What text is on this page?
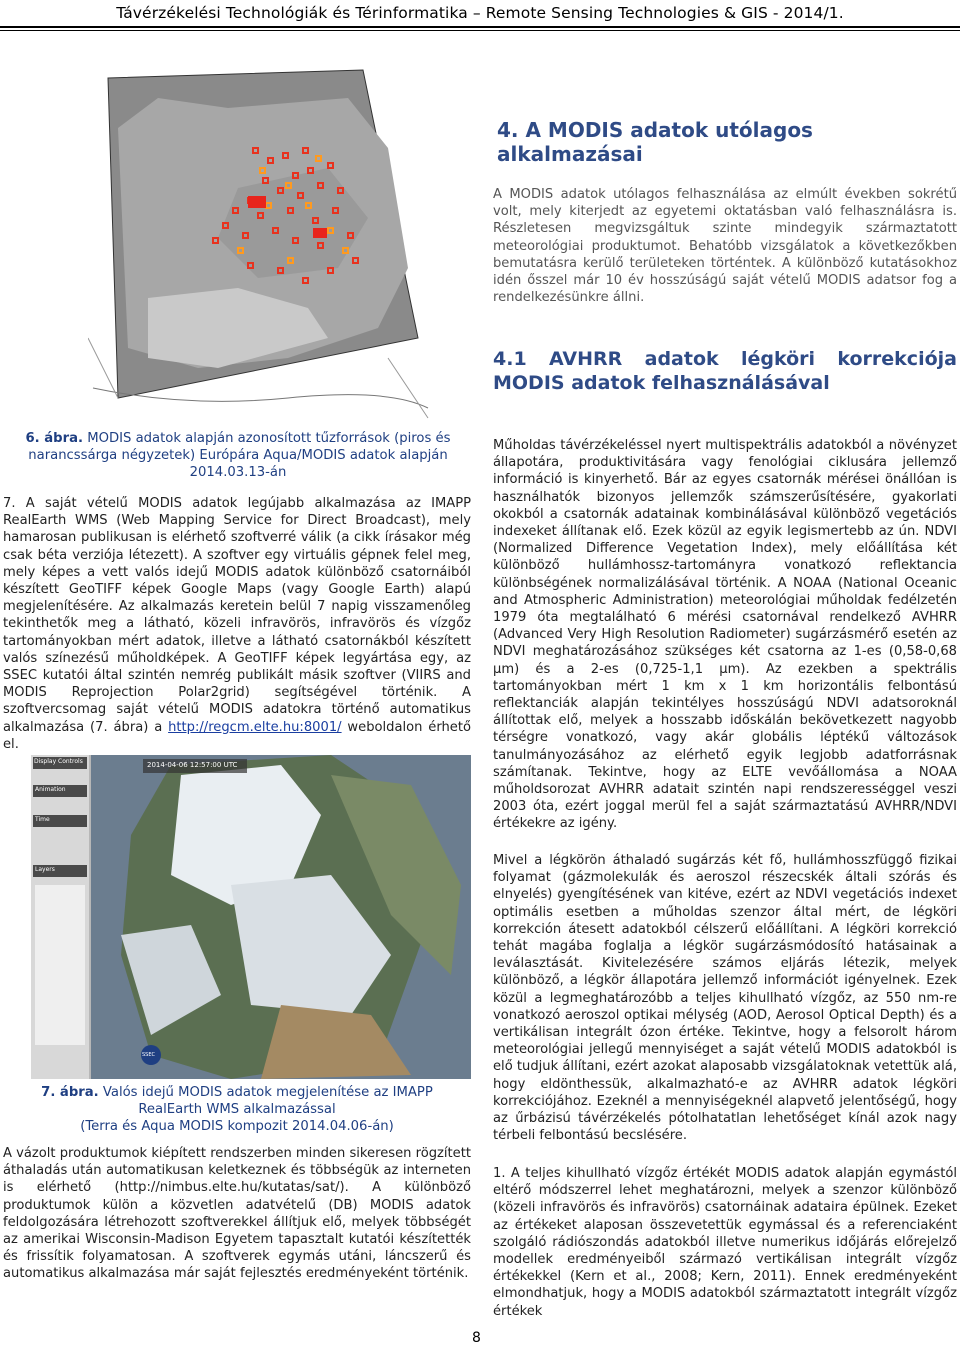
Távérzékelési Technológiák és Térinformatika – Remote Sensing Technologies & GIS - 2014/1.
4. A MODIS adatok utólagos alkalmazásai
A MODIS adatok utólagos felhasználása az elmúlt években sokrétű volt, mely kiterjedt az egyetemi oktatásban való felhasználásra is. Részletesen megvizsgáltuk szinte mindegyik származtatott meteorológiai produktumot. Behatóbb vizsgálatok a következőkben bemutatásra kerülő területeken történtek. A különböző kutatásokhoz idén ősszel már 10 év hosszúságú saját vételű MODIS adatsor fog a rendelkezésünkre állni.
4.1 AVHRR adatok légköri korrekciója
MODIS adatok felhasználásával
6. ábra. MODIS adatok alapján azonosított tűzforrások (piros és narancssárga négyzetek) Európára Aqua/MODIS adatok alapján 2014.03.13-án
7. A saját vételű MODIS adatok legújabb alkalmazása az IMAPP RealEarth WMS (Web Mapping Service for Direct Broadcast), mely hamarosan publikusan is elérhető szoftverré válik (a cikk írásakor még csak béta verziója létezett). A szoftver egy virtuális gépnek felel meg, mely képes a vett valós idejű MODIS adatok különböző csatornáiból készített GeoTIFF képek Google Maps (vagy Google Earth) alapú megjelenítésére. Az alkalmazás keretein belül 7 napig visszamenőleg tekinthetők meg a látható, közeli infravörös, infravörös és vízgőz tartományokban mért adatok, illetve a látható csatornákból készített valós színezésű műholdképek. A GeoTIFF képek legyártása egy, az SSEC kutatói által szintén nemrég publikált másik szoftver (VIIRS and MODIS Reprojection Polar2grid) segítségével történik. A szoftvercsomag saját vételű MODIS adatokra történő automatikus alkalmazása (7. ábra) a http://regcm.elte.hu:8001/ weboldalon érhető el.
Display Controls
Animation
Time
Layers
2014-04-06 12:57:00 UTC
SSEC
7. ábra. Valós idejű MODIS adatok megjelenítése az IMAPP
RealEarth WMS alkalmazással
(Terra és Aqua MODIS kompozit 2014.04.06-án)
A vázolt produktumok kiépített rendszerben minden sikeresen rögzített áthaladás után automatikusan keletkeznek és többségük az interneten is elérhető (http://nimbus.elte.hu/kutatas/sat/). A különböző produktumok külön a közvetlen adatvételű (DB) MODIS adatok feldolgozására létrehozott szoftverekkel állítjuk elő, melyek többségét az amerikai Wisconsin-Madison Egyetem tapasztalt kutatói készítették és frissítik folyamatosan. A szoftverek egymás utáni, láncszerű és automatikus alkalmazása már saját fejlesztés eredményeként történik.
Műholdas távérzékeléssel nyert multispektrális adatokból a növényzet állapotára, produktivitására vagy fenológiai ciklusára jellemző információ is kinyerhető. Bár az egyes csatornák mérései önállóan is használhatók bizonyos jellemzők számszerűsítésére, gyakorlati okokból a csatornák adatainak kombinálásával különböző vegetációs indexeket állítanak elő. Ezek közül az egyik legismertebb az ún. NDVI (Normalized Difference Vegetation Index), mely előállítása két különböző hullámhossz-tartományra vonatkozó reflektancia különbségének normalizálásával történik. A NOAA (National Oceanic and Atmospheric Administration) meteorológiai műholdak fedélzetén 1979 óta megtalálható 6 mérési csatornával rendelkező AVHRR (Advanced Very High Resolution Radiometer) sugárzásmérő esetén az NDVI meghatározásához szükséges két csatorna az 1-es (0,58-0,68 μm) és a 2-es (0,725-1,1 μm). Az ezekben a spektrális tartományokban mért 1 km x 1 km horizontális felbontású reflektanciák alapján tekintélyes hosszúságú NDVI adatsoroknál állítottak elő, melyek a hosszabb időskálán bekövetkezett nagyobb térségre vonatkozó, vagy akár globális léptékű változások tanulmányozásához az elérhető egyik legjobb adatforrásnak számítanak. Tekintve, hogy az ELTE vevőállomása a NOAA műholdsorozat AVHRR adatait szintén napi rendszerességgel veszi 2003 óta, ezért joggal merül fel a saját származtatású AVHRR/NDVI értékekre az igény.
Mivel a légkörön áthaladó sugárzás két fő, hullámhosszfüggő fizikai folyamat (gázmolekulák és aeroszol részecskék általi szórás és elnyelés) gyengítésének van kitéve, ezért az NDVI vegetációs indexet optimális esetben a műholdas szenzor által mért, de légköri korrekción átesett adatokból célszerű előállítani. A légköri korrekció tehát magába foglalja a légkör sugárzásmódosító hatásainak a leválasztását. Kivitelezésére számos eljárás létezik, melyek különböző, a légkör állapotára jellemző információt igényelnek. Ezek közül a legmeghatározóbb a teljes kihullható vízgőz, az 550 nm-re vonatkozó aeroszol optikai mélység (AOD, Aerosol Optical Depth) és a vertikálisan integrált ózon értéke. Tekintve, hogy a felsorolt három meteorológiai jellegű mennyiséget a saját vételű MODIS adatokból is elő tudjuk állítani, ezért azokat alaposabb vizsgálatoknak vetettük alá, hogy eldönthessük, alkalmazható-e az AVHRR adatok légköri korrekciójához. Ezeknél a mennyiségeknél alapvető jelentőségű, hogy az űrbázisú távérzékelés pótolhatatlan lehetőséget kínál azok nagy térbeli felbontású becslésére.
1. A teljes kihullható vízgőz értékét MODIS adatok alapján egymástól eltérő módszerrel lehet meghatározni, melyek a szenzor különböző (közeli infravörös és infravörös) csatornáinak adataira épülnek. Ezeket az értékeket alaposan összevetettük egymással és a referenciaként szolgáló rádiószondás adatokból illetve numerikus időjárás előrejelző modellek eredményeiből származó vertikálisan integrált vízgőz értékekkel (Kern et al., 2008; Kern, 2011). Ennek eredményeként elmondhatjuk, hogy a MODIS adatokból származtatott integrált vízgőz értékek
8
